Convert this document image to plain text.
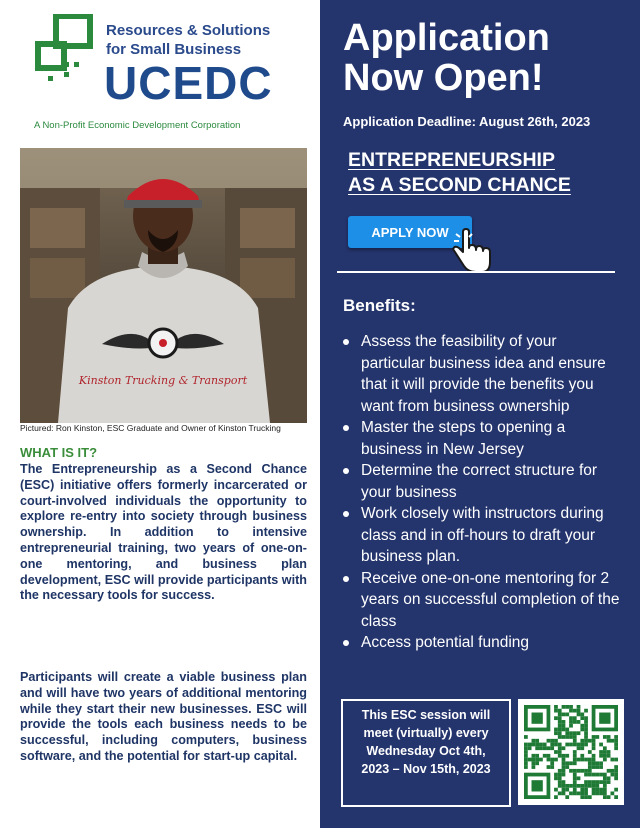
Resources & Solutions
for Small Business
UCEDC
A Non-Profit Economic Development Corporation
Kinston Trucking & Transport
Pictured: Ron Kinston, ESC Graduate and Owner of Kinston Trucking
WHAT IS IT?

The Entrepreneurship as a Second Chance (ESC) initiative offers formerly incarcerated or court-involved individuals the opportunity to explore re-entry into society through business ownership. In addition to intensive entrepreneurial training, two years of one-on-one mentoring, and business plan development, ESC will provide participants with the necessary tools for success.

Participants will create a viable business plan and will have two years of additional mentoring while they start their new businesses. ESC will provide the tools each business needs to be successful, including computers, business software, and the potential for start-up capital.

Application
Now Open!
Application Deadline: August 26th, 2023
ENTREPRENEURSHIP
AS A SECOND CHANCE
APPLY NOW
Benefits:
Assess the feasibility of your particular business idea and ensure that it will provide the benefits you want from business ownership
Master the steps to opening a business in New Jersey
Determine the correct structure for your business
Work closely with instructors during class and in off-hours to draft your business plan.
Receive one-on-one mentoring for 2 years on successful completion of the class
Access potential funding
This ESC session will meet (virtually) every Wednesday Oct 4th, 2023 – Nov 15th, 2023
